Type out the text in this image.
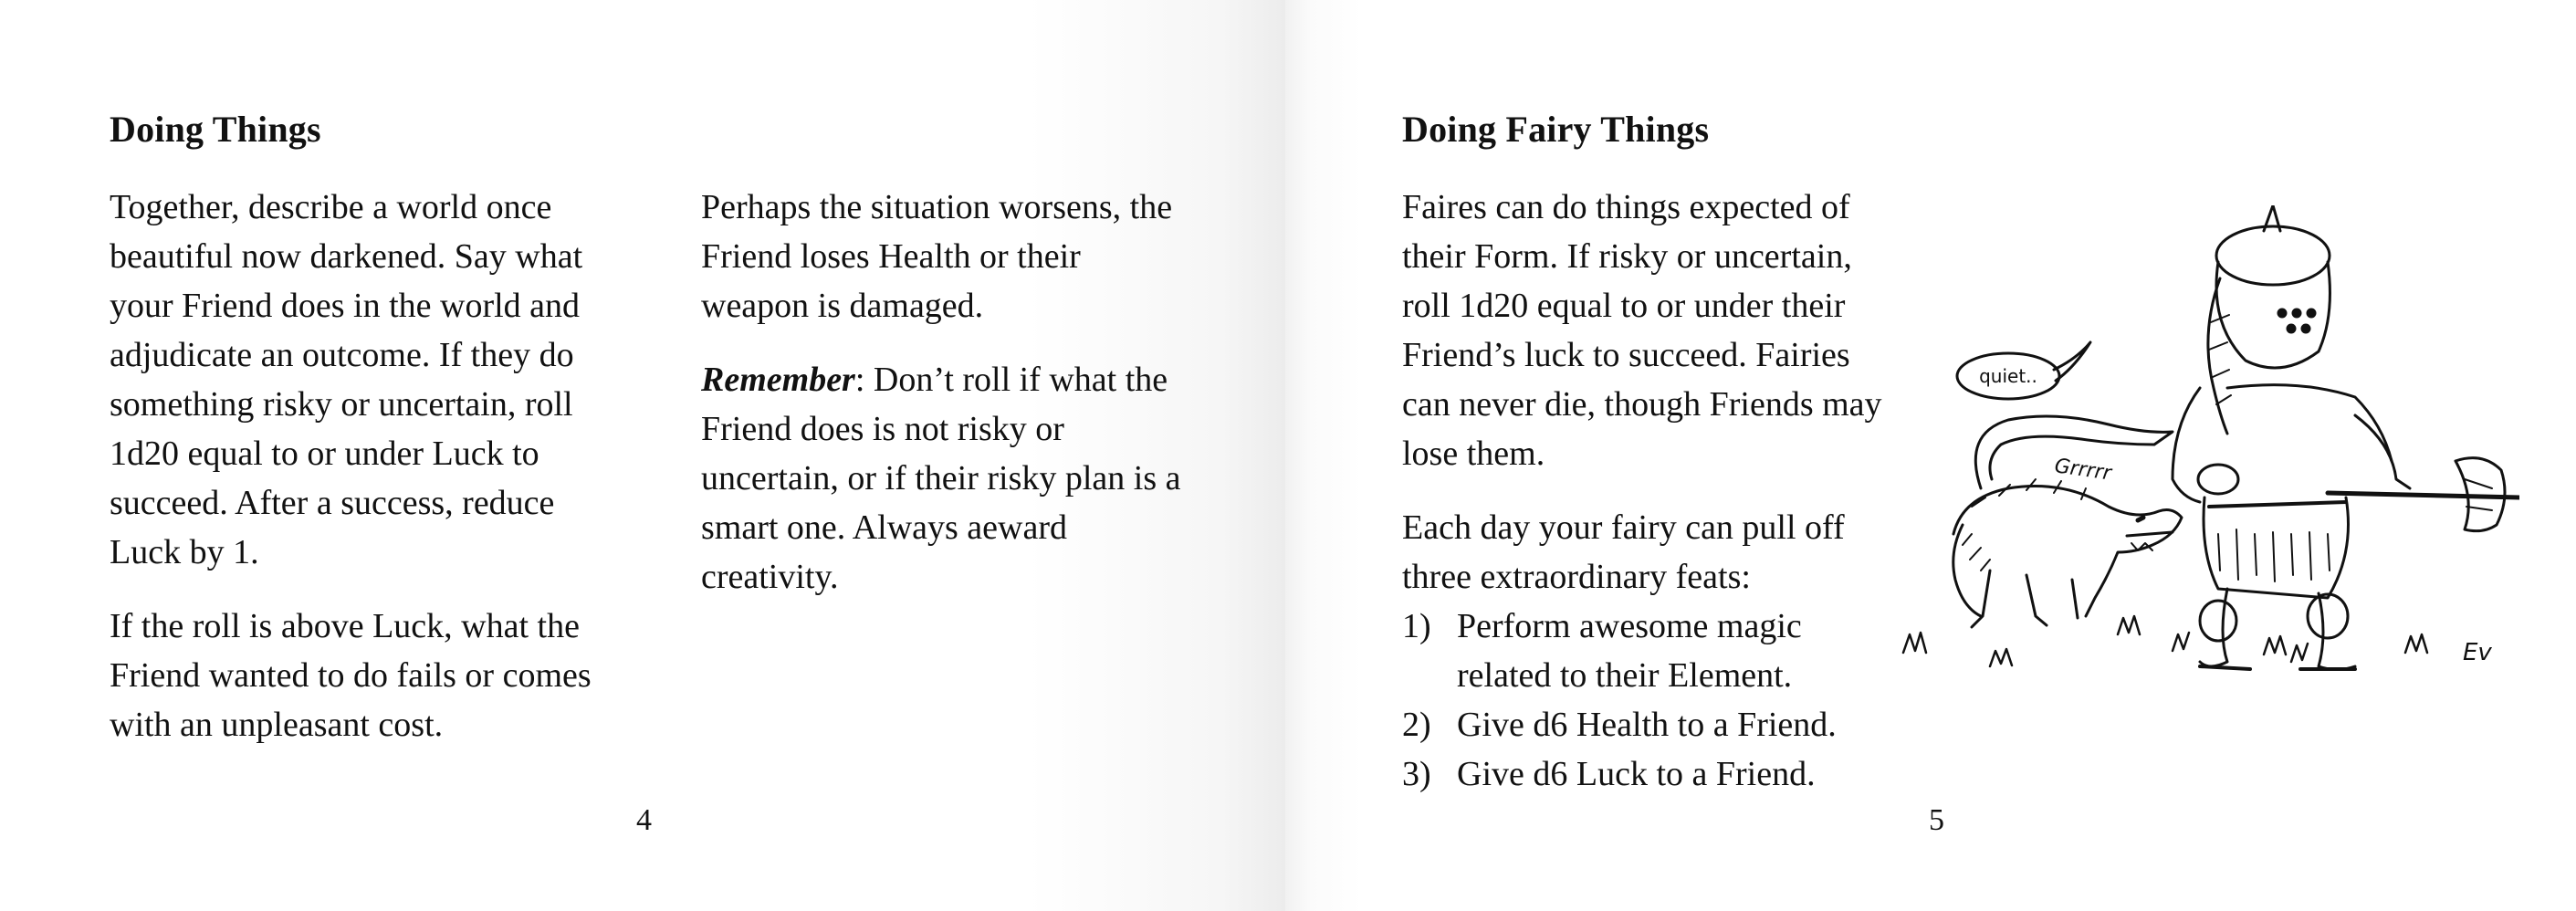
Doing Things

Together, describe a world once beautiful now darkened. Say what your Friend does in the world and adjudicate an outcome. If they do something risky or uncertain, roll 1d20 equal to or under Luck to succeed. After a success, reduce Luck by 1.

If the roll is above Luck, what the Friend wanted to do fails or comes with an unpleasant cost.

Perhaps the situation worsens, the Friend loses Health or their weapon is damaged.

Remember: Don’t roll if what the Friend does is not risky or uncertain, or if their risky plan is a smart one. Always aeward creativity.

4
Doing Fairy Things

Faires can do things expected of their Form. If risky or uncertain, roll 1d20 equal to or under their Friend’s luck to succeed. Fairies can never die, though Friends may lose them.

Each day your fairy can pull off three extraordinary feats:

1) Perform awesome magic related to their Element.
2) Give d6 Health to a Friend.
3) Give d6 Luck to a Friend.
5
quiet..
Grrrrr
Ev
